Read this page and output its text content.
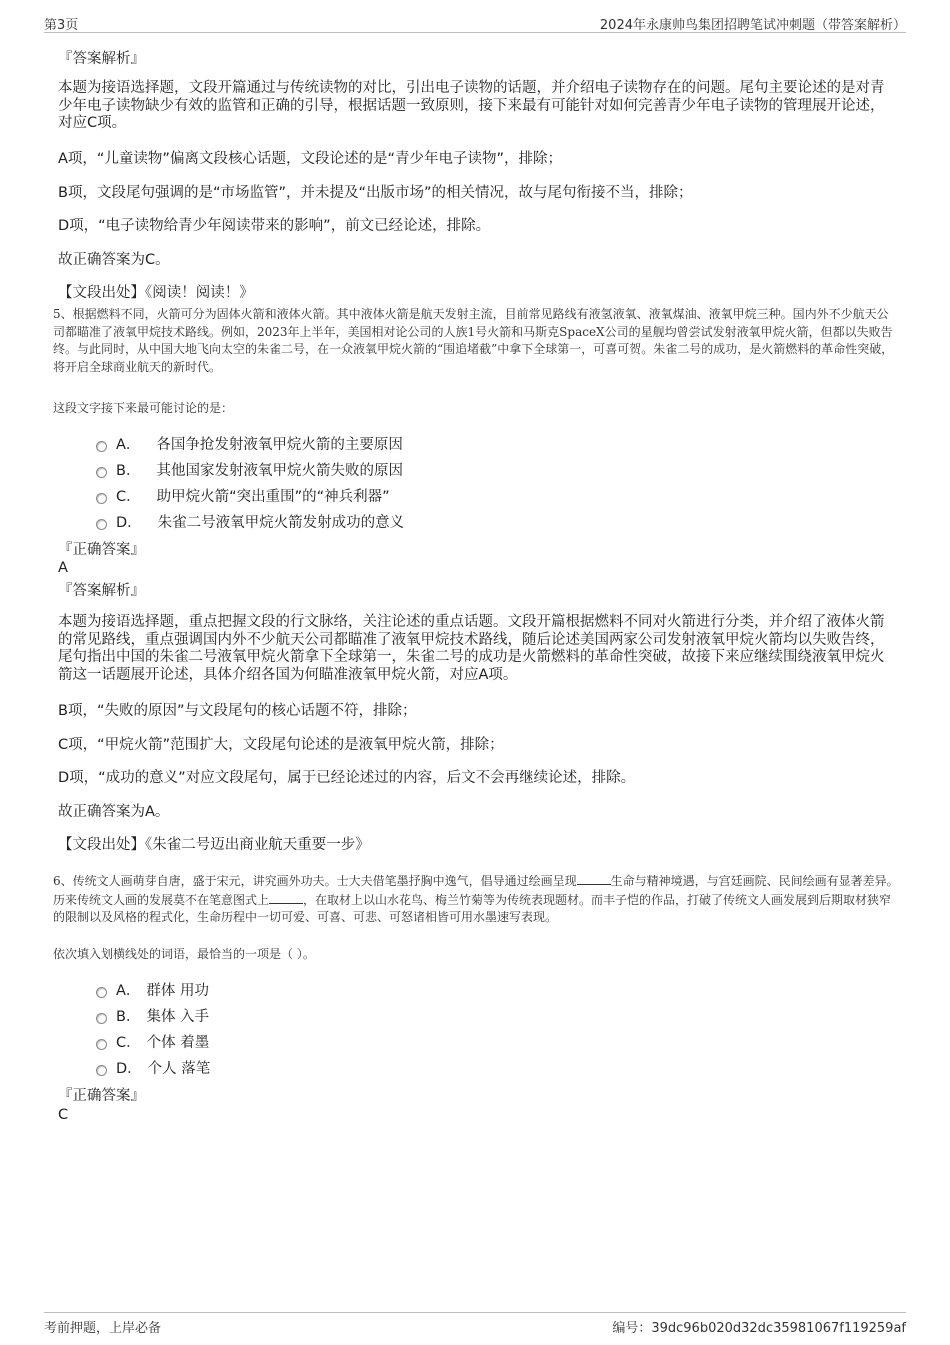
第3页	2024年永康帅鸟集团招聘笔试冲刺题（带答案解析）
『答案解析』
本题为接语选择题，文段开篇通过与传统读物的对比，引出电子读物的话题，并介绍电子读物存在的问题。尾句主要论述的是对青少年电子读物缺少有效的监管和正确的引导，根据话题一致原则，接下来最有可能针对如何完善青少年电子读物的管理展开论述，对应C项。
A项，“儿童读物”偏离文段核心话题，文段论述的是“青少年电子读物”，排除；
B项，文段尾句强调的是“市场监管”，并未提及“出版市场”的相关情况，故与尾句衔接不当，排除；
D项，“电子读物给青少年阅读带来的影响”，前文已经论述，排除。
故正确答案为C。
【文段出处】《阅读！阅读！》
5、根据燃料不同，火箭可分为固体火箭和液体火箭。其中液体火箭是航天发射主流，目前常见路线有液氢液氧、液氧煤油、液氧甲烷三种。国内外不少航天公司都瞄准了液氧甲烷技术路线。例如，2023年上半年，美国相对论公司的人族1号火箭和马斯克SpaceX公司的星舰均曾尝试发射液氧甲烷火箭，但都以失败告终。与此同时，从中国大地飞向太空的朱雀二号，在一众液氧甲烷火箭的“围追堵截”中拿下全球第一，可喜可贺。朱雀二号的成功，是火箭燃料的革命性突破，将开启全球商业航天的新时代。
这段文字接下来最可能讨论的是：
A． 各国争抢发射液氧甲烷火箭的主要原因
B． 其他国家发射液氧甲烷火箭失败的原因
C． 助甲烷火箭“突出重围”的“神兵利器”
D． 朱雀二号液氧甲烷火箭发射成功的意义
『正确答案』
A
『答案解析』
本题为接语选择题，重点把握文段的行文脉络，关注论述的重点话题。文段开篇根据燃料不同对火箭进行分类，并介绍了液体火箭的常见路线，重点强调国内外不少航天公司都瞄准了液氧甲烷技术路线，随后论述美国两家公司发射液氧甲烷火箭均以失败告终，尾句指出中国的朱雀二号液氧甲烷火箭拿下全球第一，朱雀二号的成功是火箭燃料的革命性突破，故接下来应继续围绕液氧甲烷火箭这一话题展开论述，具体介绍各国为何瞄准液氧甲烷火箭，对应A项。
B项，“失败的原因”与文段尾句的核心话题不符，排除；
C项，“甲烷火箭”范围扩大，文段尾句论述的是液氧甲烷火箭，排除；
D项，“成功的意义”对应文段尾句，属于已经论述过的内容，后文不会再继续论述，排除。
故正确答案为A。
【文段出处】《朱雀二号迈出商业航天重要一步》
6、传统文人画萌芽自唐，盛于宋元，讲究画外功夫。士大夫借笔墨抒胸中逸气，倡导通过绘画呈现	生命与精神境遇，与宫廷画院、民间绘画有显著差异。历来传统文人画的发展莫不在笔意图式上	，在取材上以山水花鸟、梅兰竹菊等为传统表现题材。而丰子恺的作品，打破了传统文人画发展到后期取材狭窄的限制以及风格的程式化，生命历程中一切可爱、可喜、可悲、可怒诸相皆可用水墨速写表现。
依次填入划横线处的词语，最恰当的一项是（ ）。
A． 群体 用功
B． 集体 入手
C． 个体 着墨
D． 个人 落笔
『正确答案』
C
考前押题，上岸必备	编号：39dc96b020d32dc35981067f119259af
